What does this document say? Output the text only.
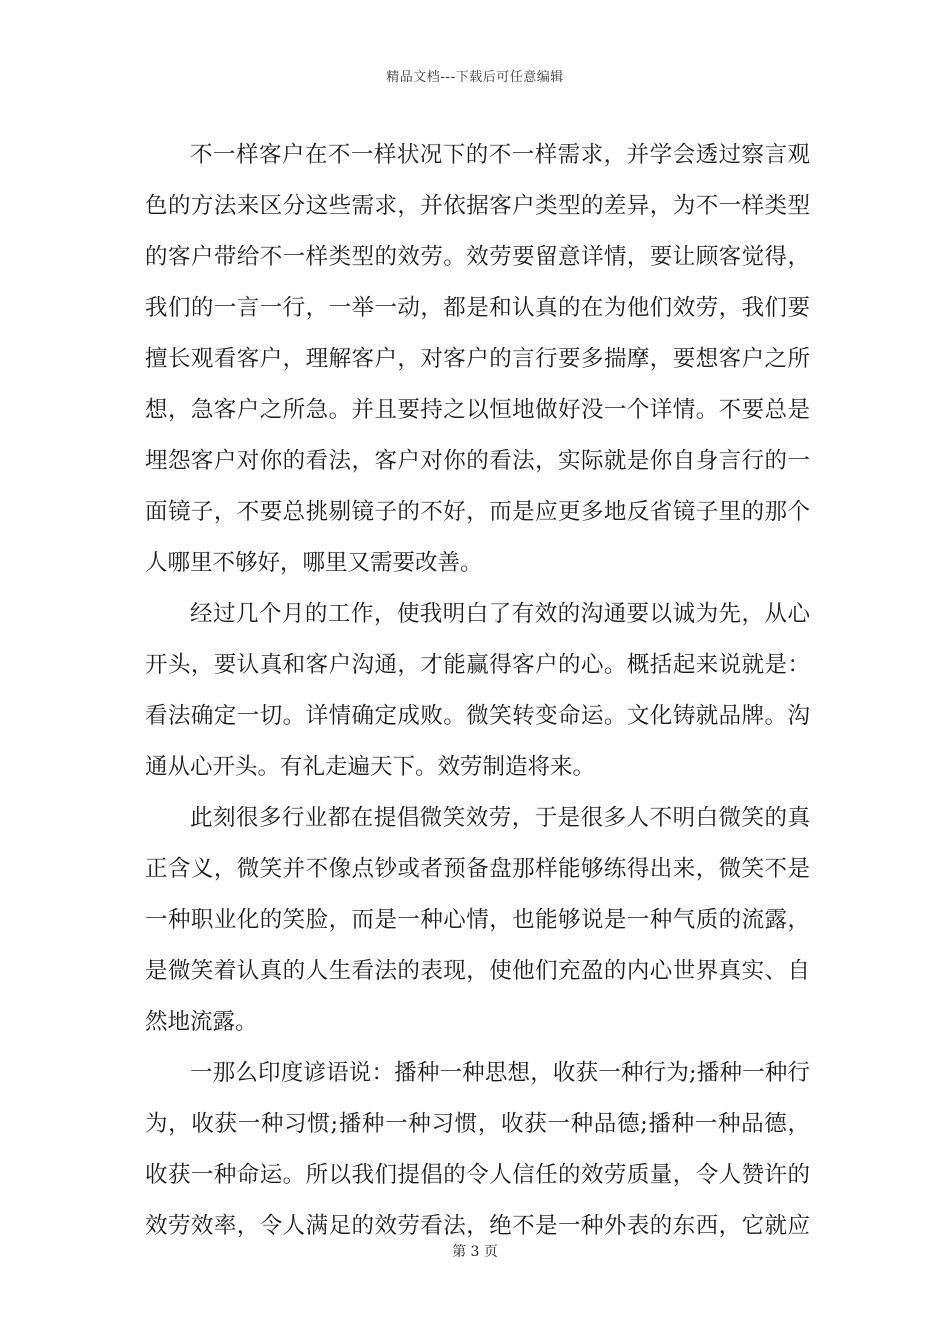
精品文档---下载后可任意编辑
不一样客户在不一样状况下的不一样需求，并学会透过察言观
色的方法来区分这些需求，并依据客户类型的差异，为不一样类型
的客户带给不一样类型的效劳。效劳要留意详情，要让顾客觉得，
我们的一言一行，一举一动，都是和认真的在为他们效劳，我们要
擅长观看客户，理解客户，对客户的言行要多揣摩，要想客户之所
想，急客户之所急。并且要持之以恒地做好没一个详情。不要总是
埋怨客户对你的看法，客户对你的看法，实际就是你自身言行的一
面镜子，不要总挑剔镜子的不好，而是应更多地反省镜子里的那个
人哪里不够好，哪里又需要改善。
经过几个月的工作，使我明白了有效的沟通要以诚为先，从心
开头，要认真和客户沟通，才能赢得客户的心。概括起来说就是：
看法确定一切。详情确定成败。微笑转变命运。文化铸就品牌。沟
通从心开头。有礼走遍天下。效劳制造将来。
此刻很多行业都在提倡微笑效劳，于是很多人不明白微笑的真
正含义，微笑并不像点钞或者预备盘那样能够练得出来，微笑不是
一种职业化的笑脸，而是一种心情，也能够说是一种气质的流露，
是微笑着认真的人生看法的表现，使他们充盈的内心世界真实、自
然地流露。
一那么印度谚语说：播种一种思想，收获一种行为;播种一种行
为，收获一种习惯;播种一种习惯，收获一种品德;播种一种品德，
收获一种命运。所以我们提倡的令人信任的效劳质量，令人赞许的
效劳效率，令人满足的效劳看法，绝不是一种外表的东西，它就应
第 3 页
